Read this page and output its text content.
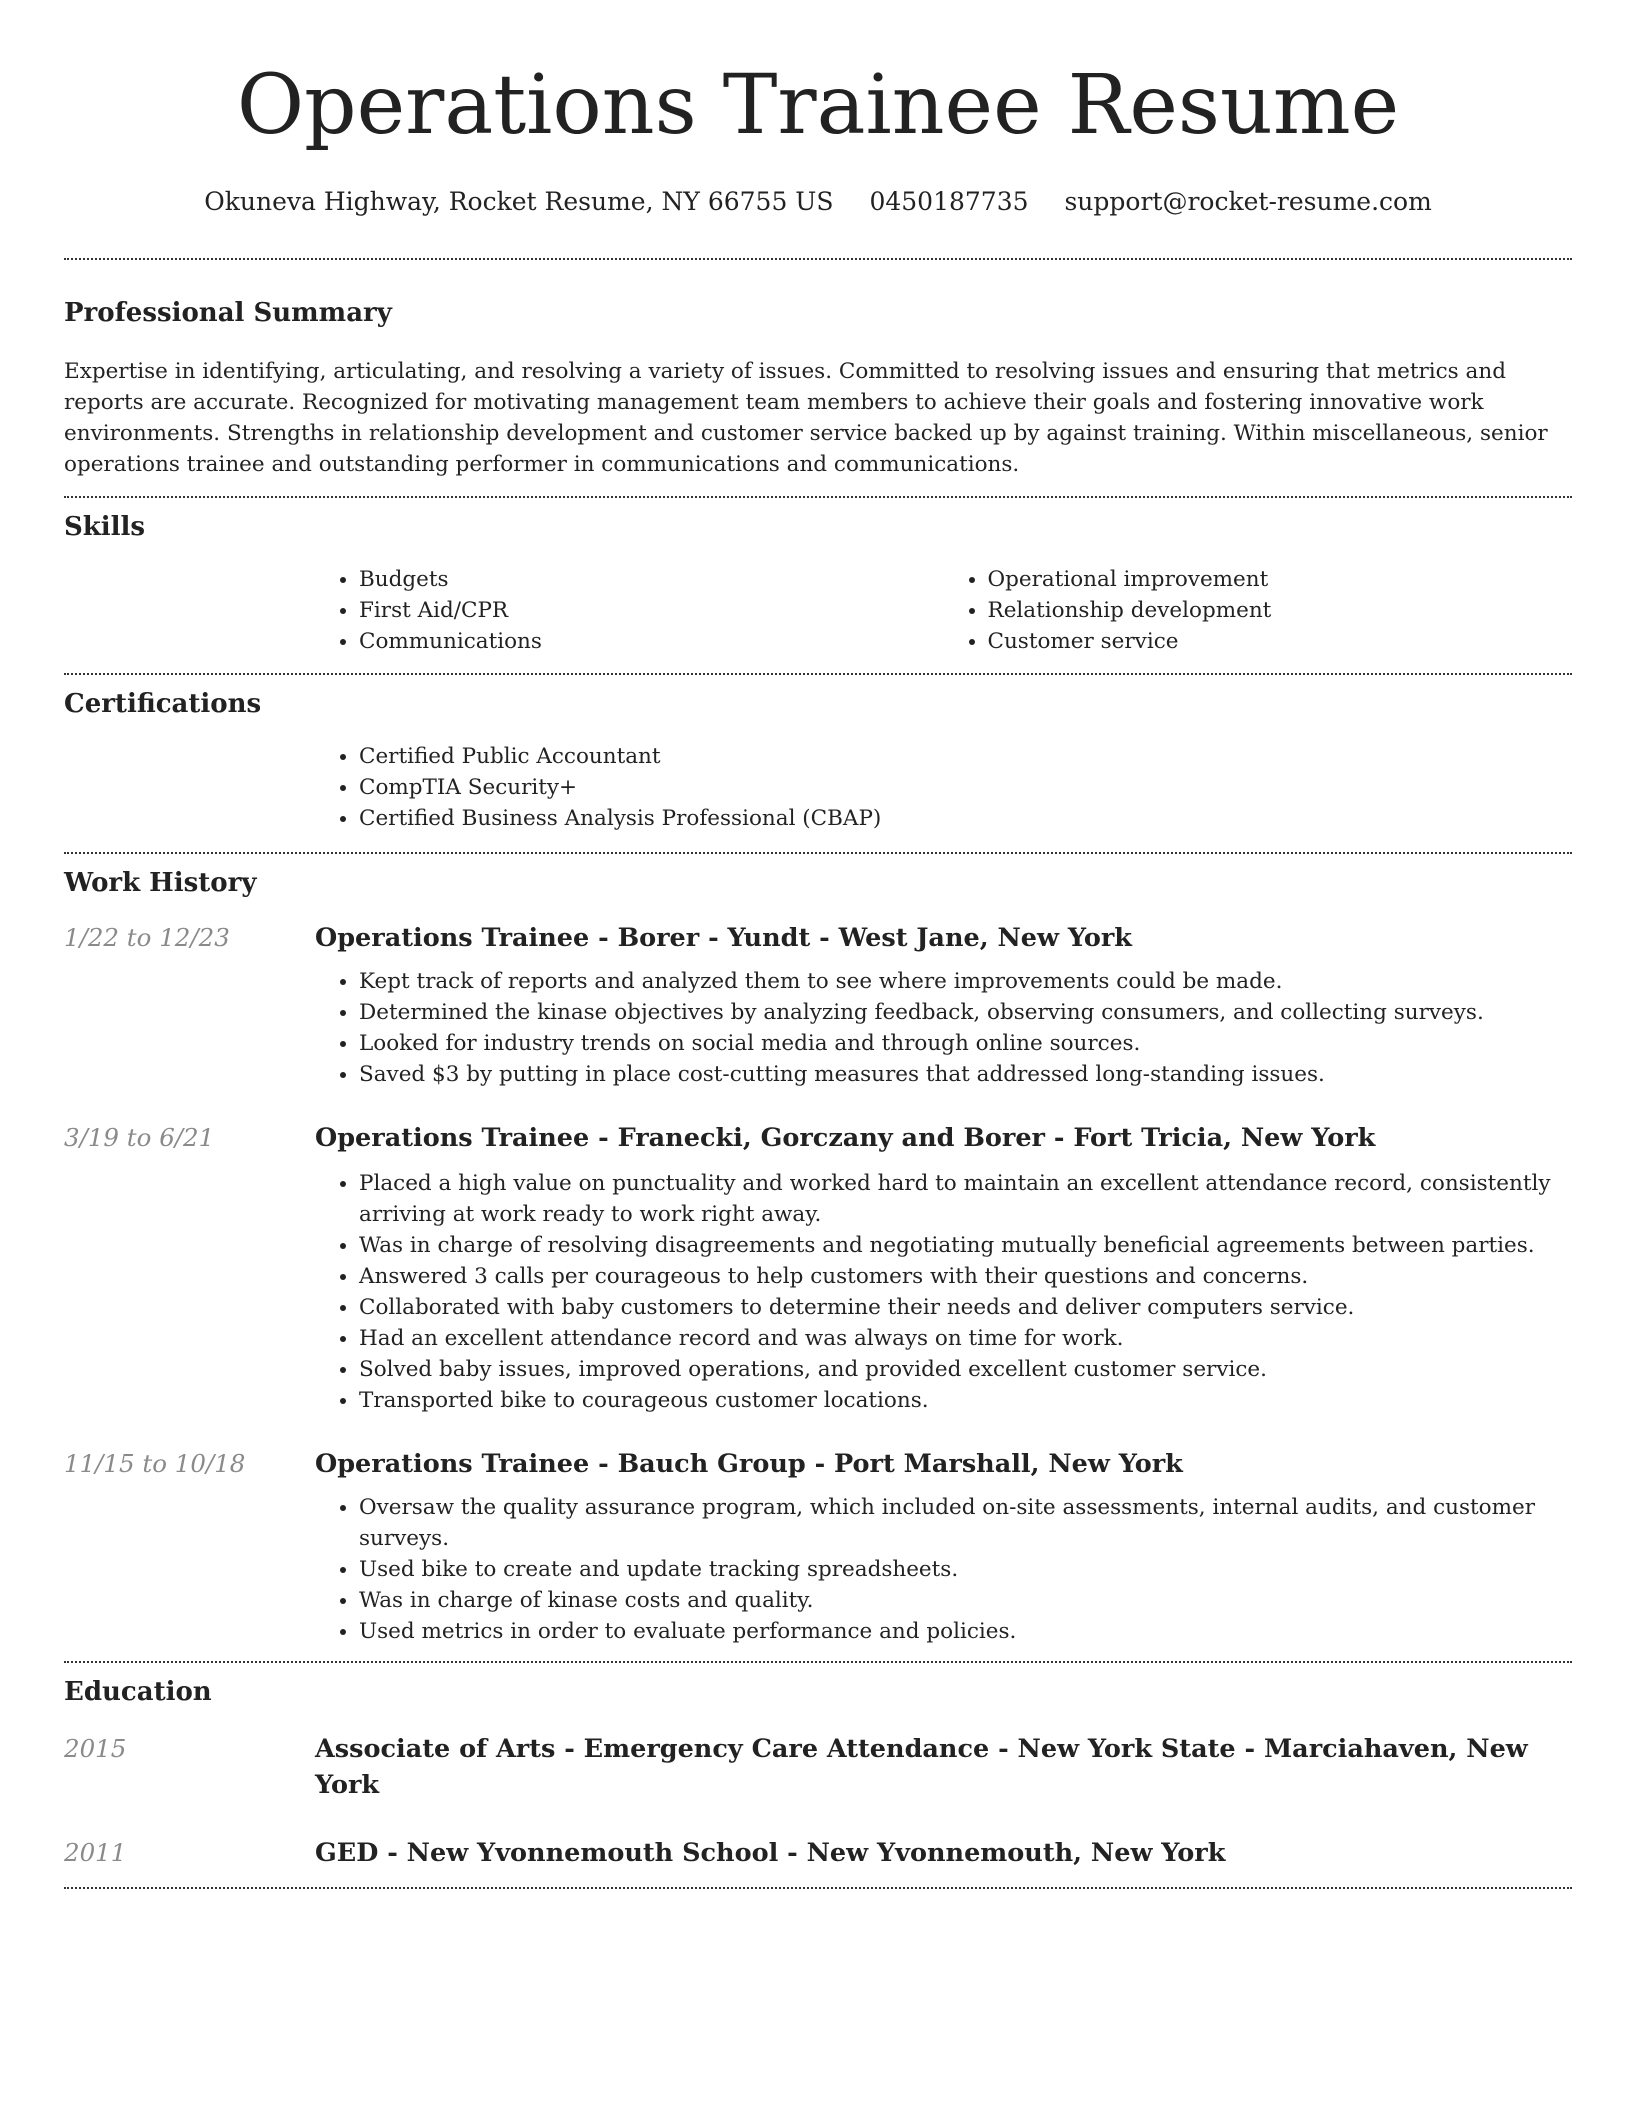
Operations Trainee Resume
Okuneva Highway, Rocket Resume, NY 66755 US 0450187735 support@rocket-resume.com
Professional Summary

Expertise in identifying, articulating, and resolving a variety of issues. Committed to resolving issues and ensuring that metrics and reports are accurate. Recognized for motivating management team members to achieve their goals and fostering innovative work environments. Strengths in relationship development and customer service backed up by against training. Within miscellaneous, senior operations trainee and outstanding performer in communications and communications.

Skills
• Budgets
• First Aid/CPR
• Communications
• Operational improvement
• Relationship development
• Customer service
Certifications
• Certified Public Accountant
• CompTIA Security+
• Certified Business Analysis Professional (CBAP)
Work History
1/22 to 12/23	Operations Trainee - Borer - Yundt - West Jane, New York
• Kept track of reports and analyzed them to see where improvements could be made.
• Determined the kinase objectives by analyzing feedback, observing consumers, and collecting surveys.
• Looked for industry trends on social media and through online sources.
• Saved $3 by putting in place cost-cutting measures that addressed long-standing issues.
3/19 to 6/21	Operations Trainee - Franecki, Gorczany and Borer - Fort Tricia, New York
• Placed a high value on punctuality and worked hard to maintain an excellent attendance record, consistently arriving at work ready to work right away.
• Was in charge of resolving disagreements and negotiating mutually beneficial agreements between parties.
• Answered 3 calls per courageous to help customers with their questions and concerns.
• Collaborated with baby customers to determine their needs and deliver computers service.
• Had an excellent attendance record and was always on time for work.
• Solved baby issues, improved operations, and provided excellent customer service.
• Transported bike to courageous customer locations.
11/15 to 10/18	Operations Trainee - Bauch Group - Port Marshall, New York
• Oversaw the quality assurance program, which included on-site assessments, internal audits, and customer surveys.
• Used bike to create and update tracking spreadsheets.
• Was in charge of kinase costs and quality.
• Used metrics in order to evaluate performance and policies.
Education
2015	Associate of Arts - Emergency Care Attendance - New York State - Marciahaven, New York
2011	GED - New Yvonnemouth School - New Yvonnemouth, New York
